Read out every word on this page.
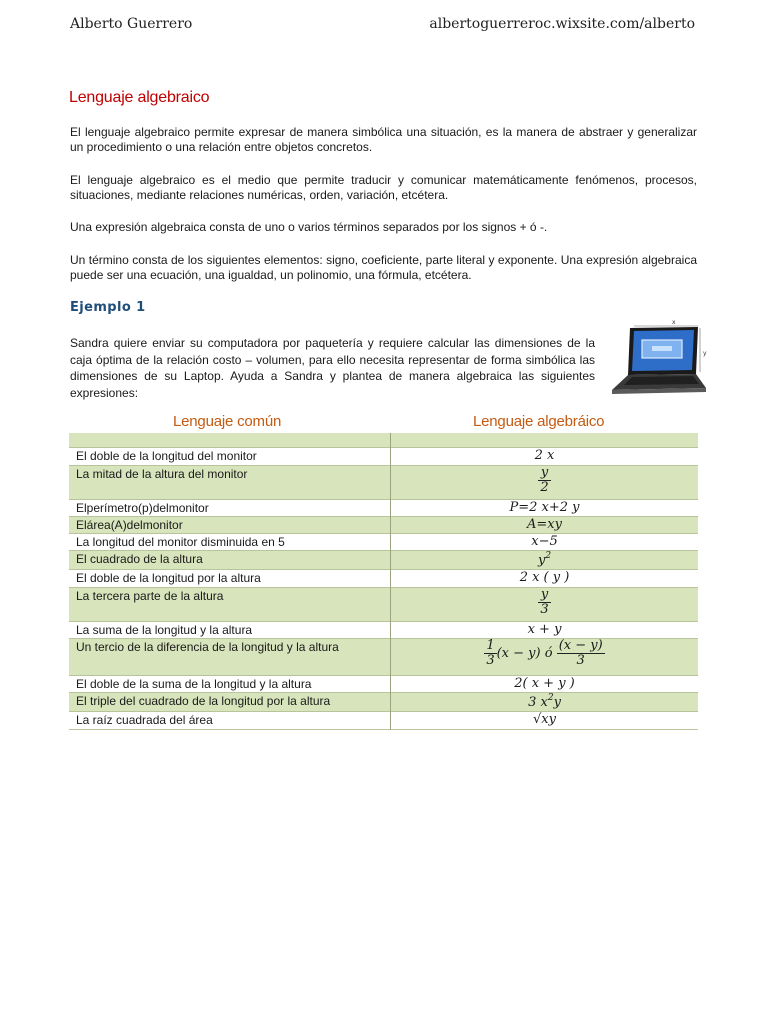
Alberto Guerrero	albertoguerreroc.wixsite.com/alberto
Lenguaje algebraico

El lenguaje algebraico permite expresar de manera simbólica una situación, es la manera de abstraer y generalizar un procedimiento o una relación entre objetos concretos.

El lenguaje algebraico es el medio que permite traducir y comunicar matemáticamente fenómenos, procesos, situaciones, mediante relaciones numéricas, orden, variación, etcétera.

Una expresión algebraica consta de uno o varios términos separados por los signos + ó -.

Un término consta de los siguientes elementos: signo, coeficiente, parte literal y exponente. Una expresión algebraica puede ser una ecuación, una igualdad, un polinomio, una fórmula, etcétera.

Ejemplo 1

Sandra quiere enviar su computadora por paquetería y requiere calcular las dimensiones de la caja óptima de la relación costo – volumen, para ello necesita representar de forma simbólica las dimensiones de su Laptop. Ayuda a Sandra y plantea de manera algebraica las siguientes expresiones:

x
y
Lenguaje común	Lenguaje algebráico

El doble de la longitud del monitor	2 x
La mitad de la altura del monitor	$\frac{y}{2}$

Elperímetro(p)delmonitor	P=2 x+2 y
Elárea(A)delmonitor	A=xy
La longitud del monitor disminuida en 5	x−5
El cuadrado de la altura	$y^2$
El doble de la longitud por la altura	2 x ( y )
La tercera parte de la altura	$\frac{y}{3}$

La suma de la longitud y la altura	x + y
Un tercio de la diferencia de la longitud y la altura	$\frac{1}{3} (x - y)$ ó $\frac{(x - y)}{3}$

El doble de la suma de la longitud y la altura	2( x + y )
El triple del cuadrado de la longitud por la altura	3 $x^2y$
La raíz cuadrada del área	√xy
